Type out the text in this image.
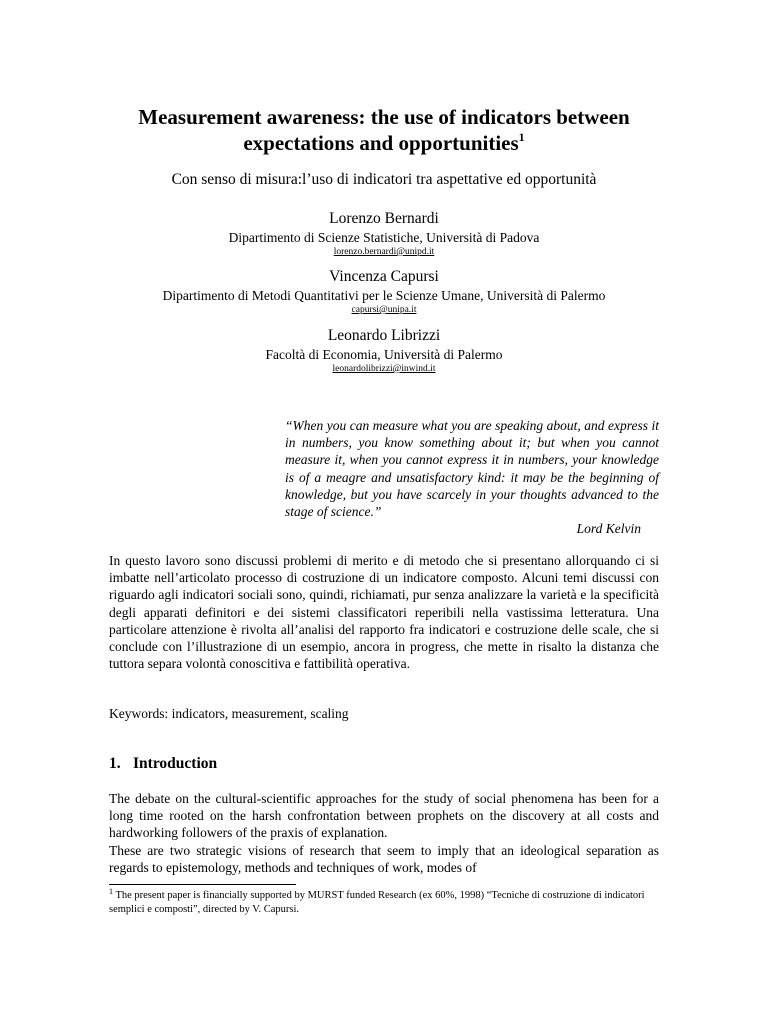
Measurement awareness: the use of indicators between expectations and opportunities$^1$
Con senso di misura:l’uso di indicatori tra aspettative ed opportunità
Lorenzo Bernardi
Dipartimento di Scienze Statistiche, Università di Padova
lorenzo.bernardi@unipd.it
Vincenza Capursi
Dipartimento di Metodi Quantitativi per le Scienze Umane, Università di Palermo
capursi@unipa.it
Leonardo Librizzi
Facoltà di Economia, Università di Palermo
leonardolibrizzi@inwind.it

“When you can measure what you are speaking about, and express it in numbers, you know something about it; but when you cannot measure it, when you cannot express it in numbers, your knowledge is of a meagre and unsatisfactory kind: it may be the beginning of knowledge, but you have scarcely in your thoughts advanced to the stage of science.”

Lord Kelvin

In questo lavoro sono discussi problemi di merito e di metodo che si presentano allorquando ci si imbatte nell’articolato processo di costruzione di un indicatore composto. Alcuni temi discussi con riguardo agli indicatori sociali sono, quindi, richiamati, pur senza analizzare la varietà e la specificità degli apparati definitori e dei sistemi classificatori reperibili nella vastissima letteratura. Una particolare attenzione è rivolta all’analisi del rapporto fra indicatori e costruzione delle scale, che si conclude con l’illustrazione di un esempio, ancora in progress, che mette in risalto la distanza che tuttora separa volontà conoscitiva e fattibilità operativa.

Keywords: indicators, measurement, scaling

1. Introduction

The debate on the cultural-scientific approaches for the study of social phenomena has been for a long time rooted on the harsh confrontation between prophets on the discovery at all costs and hardworking followers of the praxis of explanation.

These are two strategic visions of research that seem to imply that an ideological separation as regards to epistemology, methods and techniques of work, modes of

$^1$ The present paper is financially supported by MURST funded Research (ex 60%, 1998) “Tecniche di costruzione di indicatori semplici e composti”, directed by V. Capursi.
